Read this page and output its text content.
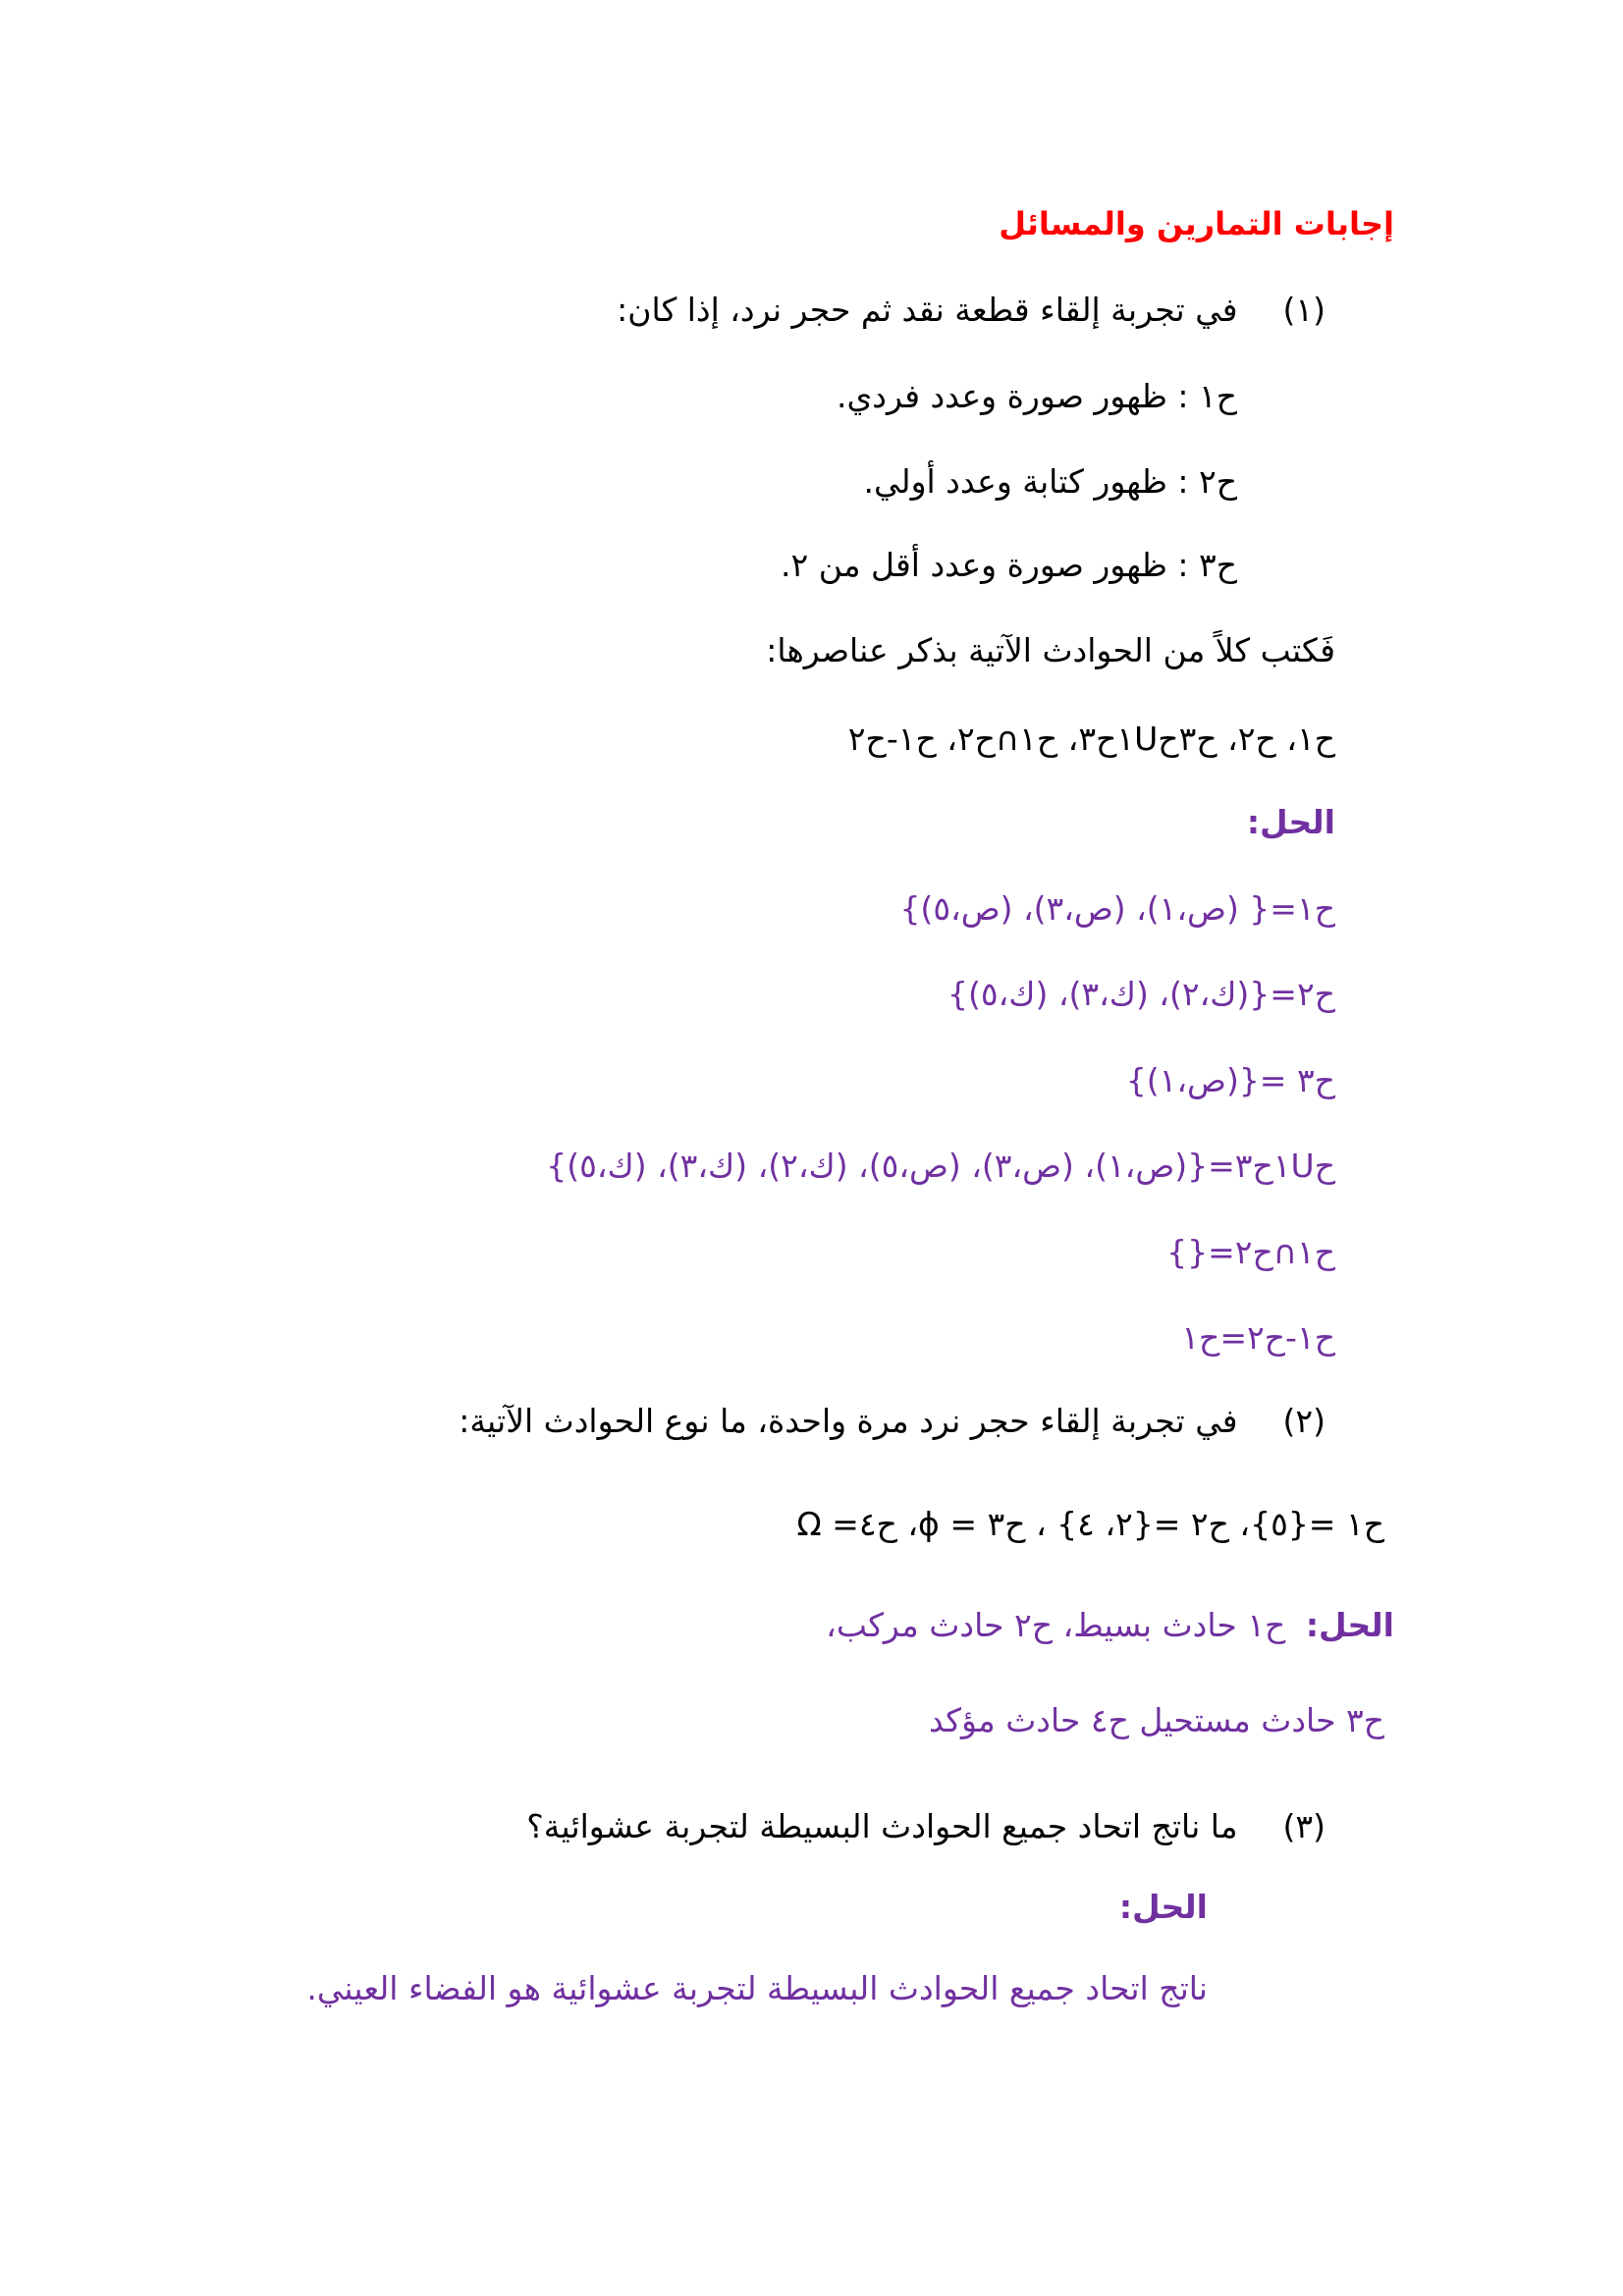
إجابات التمارين والمسائل
(١)في تجربة إلقاء قطعة نقد ثم حجر نرد، إذا كان:
ح١ : ظهور صورة وعدد فردي.
ح٢ : ظهور كتابة وعدد أولي.
ح٣ : ظهور صورة وعدد أقل من ٢.
فَكتب كلاً من الحوادث الآتية بذكر عناصرها:
ح١، ح٢، ح٣ح١Uح٣، ح١∩ح٢، ح١-ح٢
الحل:
ح١={ (ص،١)، (ص،٣)، (ص،٥)}
ح٢={(ك،٢)، (ك،٣)، (ك،٥)}
ح٣ ={(ص،١)}
ح١Uح٣={(ص،١)، (ص،٣)، (ص،٥)، (ك،٢)، (ك،٣)، (ك،٥)}
ح١∩ح٢={}
ح١-ح٢=ح١
(٢)في تجربة إلقاء حجر نرد مرة واحدة، ما نوع الحوادث الآتية:
ح١ ={٥}، ح٢ ={٢، ٤} ، ح٣ = ϕ، ح٤= Ω
الحل: ح١ حادث بسيط، ح٢ حادث مركب،
ح٣ حادث مستحيل ح٤ حادث مؤكد
(٣)ما ناتج اتحاد جميع الحوادث البسيطة لتجربة عشوائية؟
الحل:
ناتج اتحاد جميع الحوادث البسيطة لتجربة عشوائية هو الفضاء العيني.
